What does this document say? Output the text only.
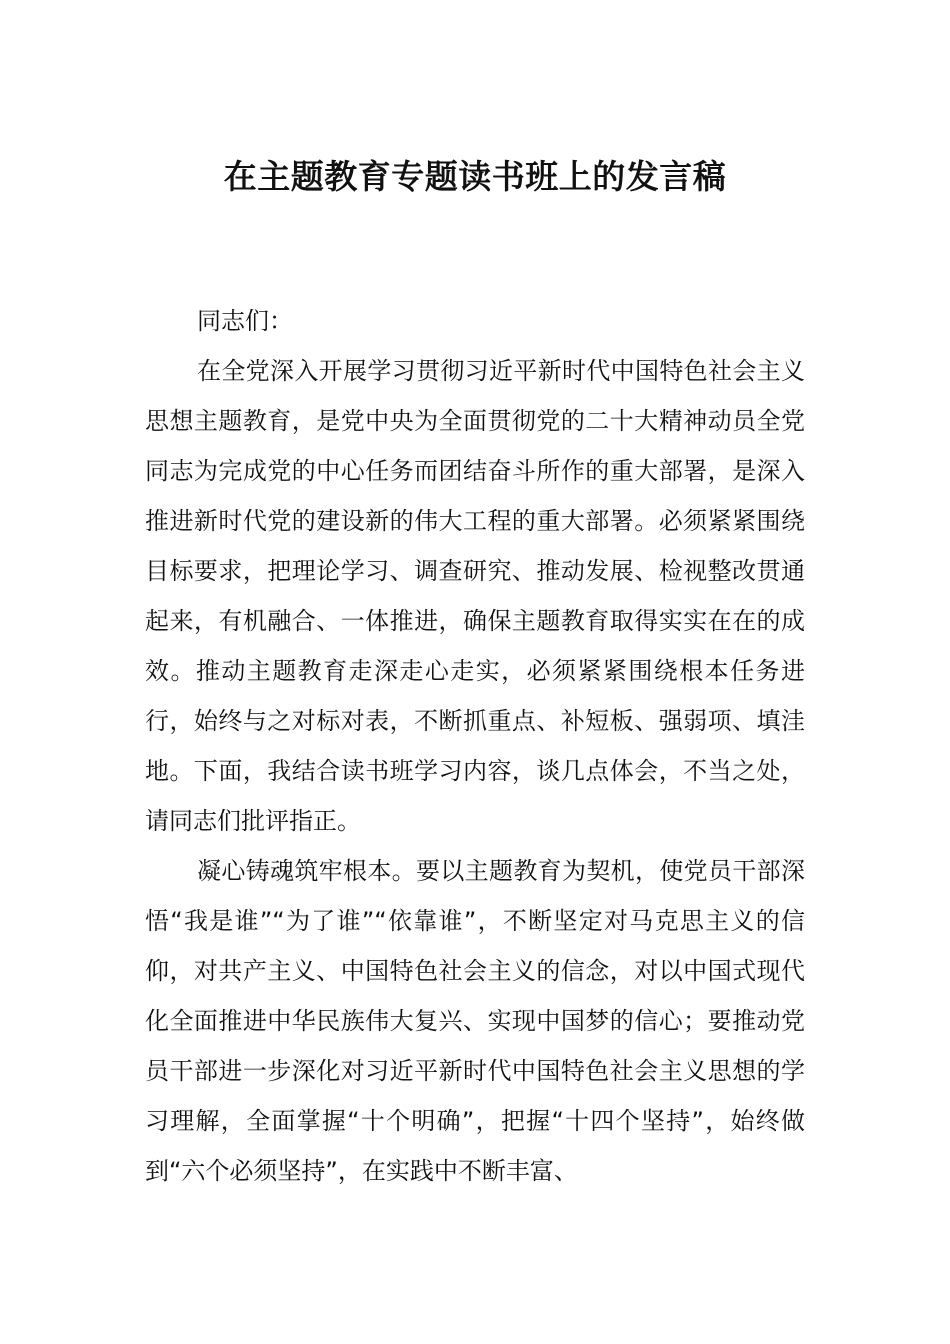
在主题教育专题读书班上的发言稿

同志们：

在全党深入开展学习贯彻习近平新时代中国特色社会主义思想主题教育，是党中央为全面贯彻党的二十大精神动员全党同志为完成党的中心任务而团结奋斗所作的重大部署，是深入推进新时代党的建设新的伟大工程的重大部署。必须紧紧围绕目标要求，把理论学习、调查研究、推动发展、检视整改贯通起来，有机融合、一体推进，确保主题教育取得实实在在的成效。推动主题教育走深走心走实，必须紧紧围绕根本任务进行，始终与之对标对表，不断抓重点、补短板、强弱项、填洼地。下面，我结合读书班学习内容，谈几点体会，不当之处，请同志们批评指正。

凝心铸魂筑牢根本。要以主题教育为契机，使党员干部深悟“我是谁”“为了谁”“依靠谁”，不断坚定对马克思主义的信仰，对共产主义、中国特色社会主义的信念，对以中国式现代化全面推进中华民族伟大复兴、实现中国梦的信心；要推动党员干部进一步深化对习近平新时代中国特色社会主义思想的学习理解，全面掌握“十个明确”，把握“十四个坚持”，始终做到“六个必须坚持”，在实践中不断丰富、
